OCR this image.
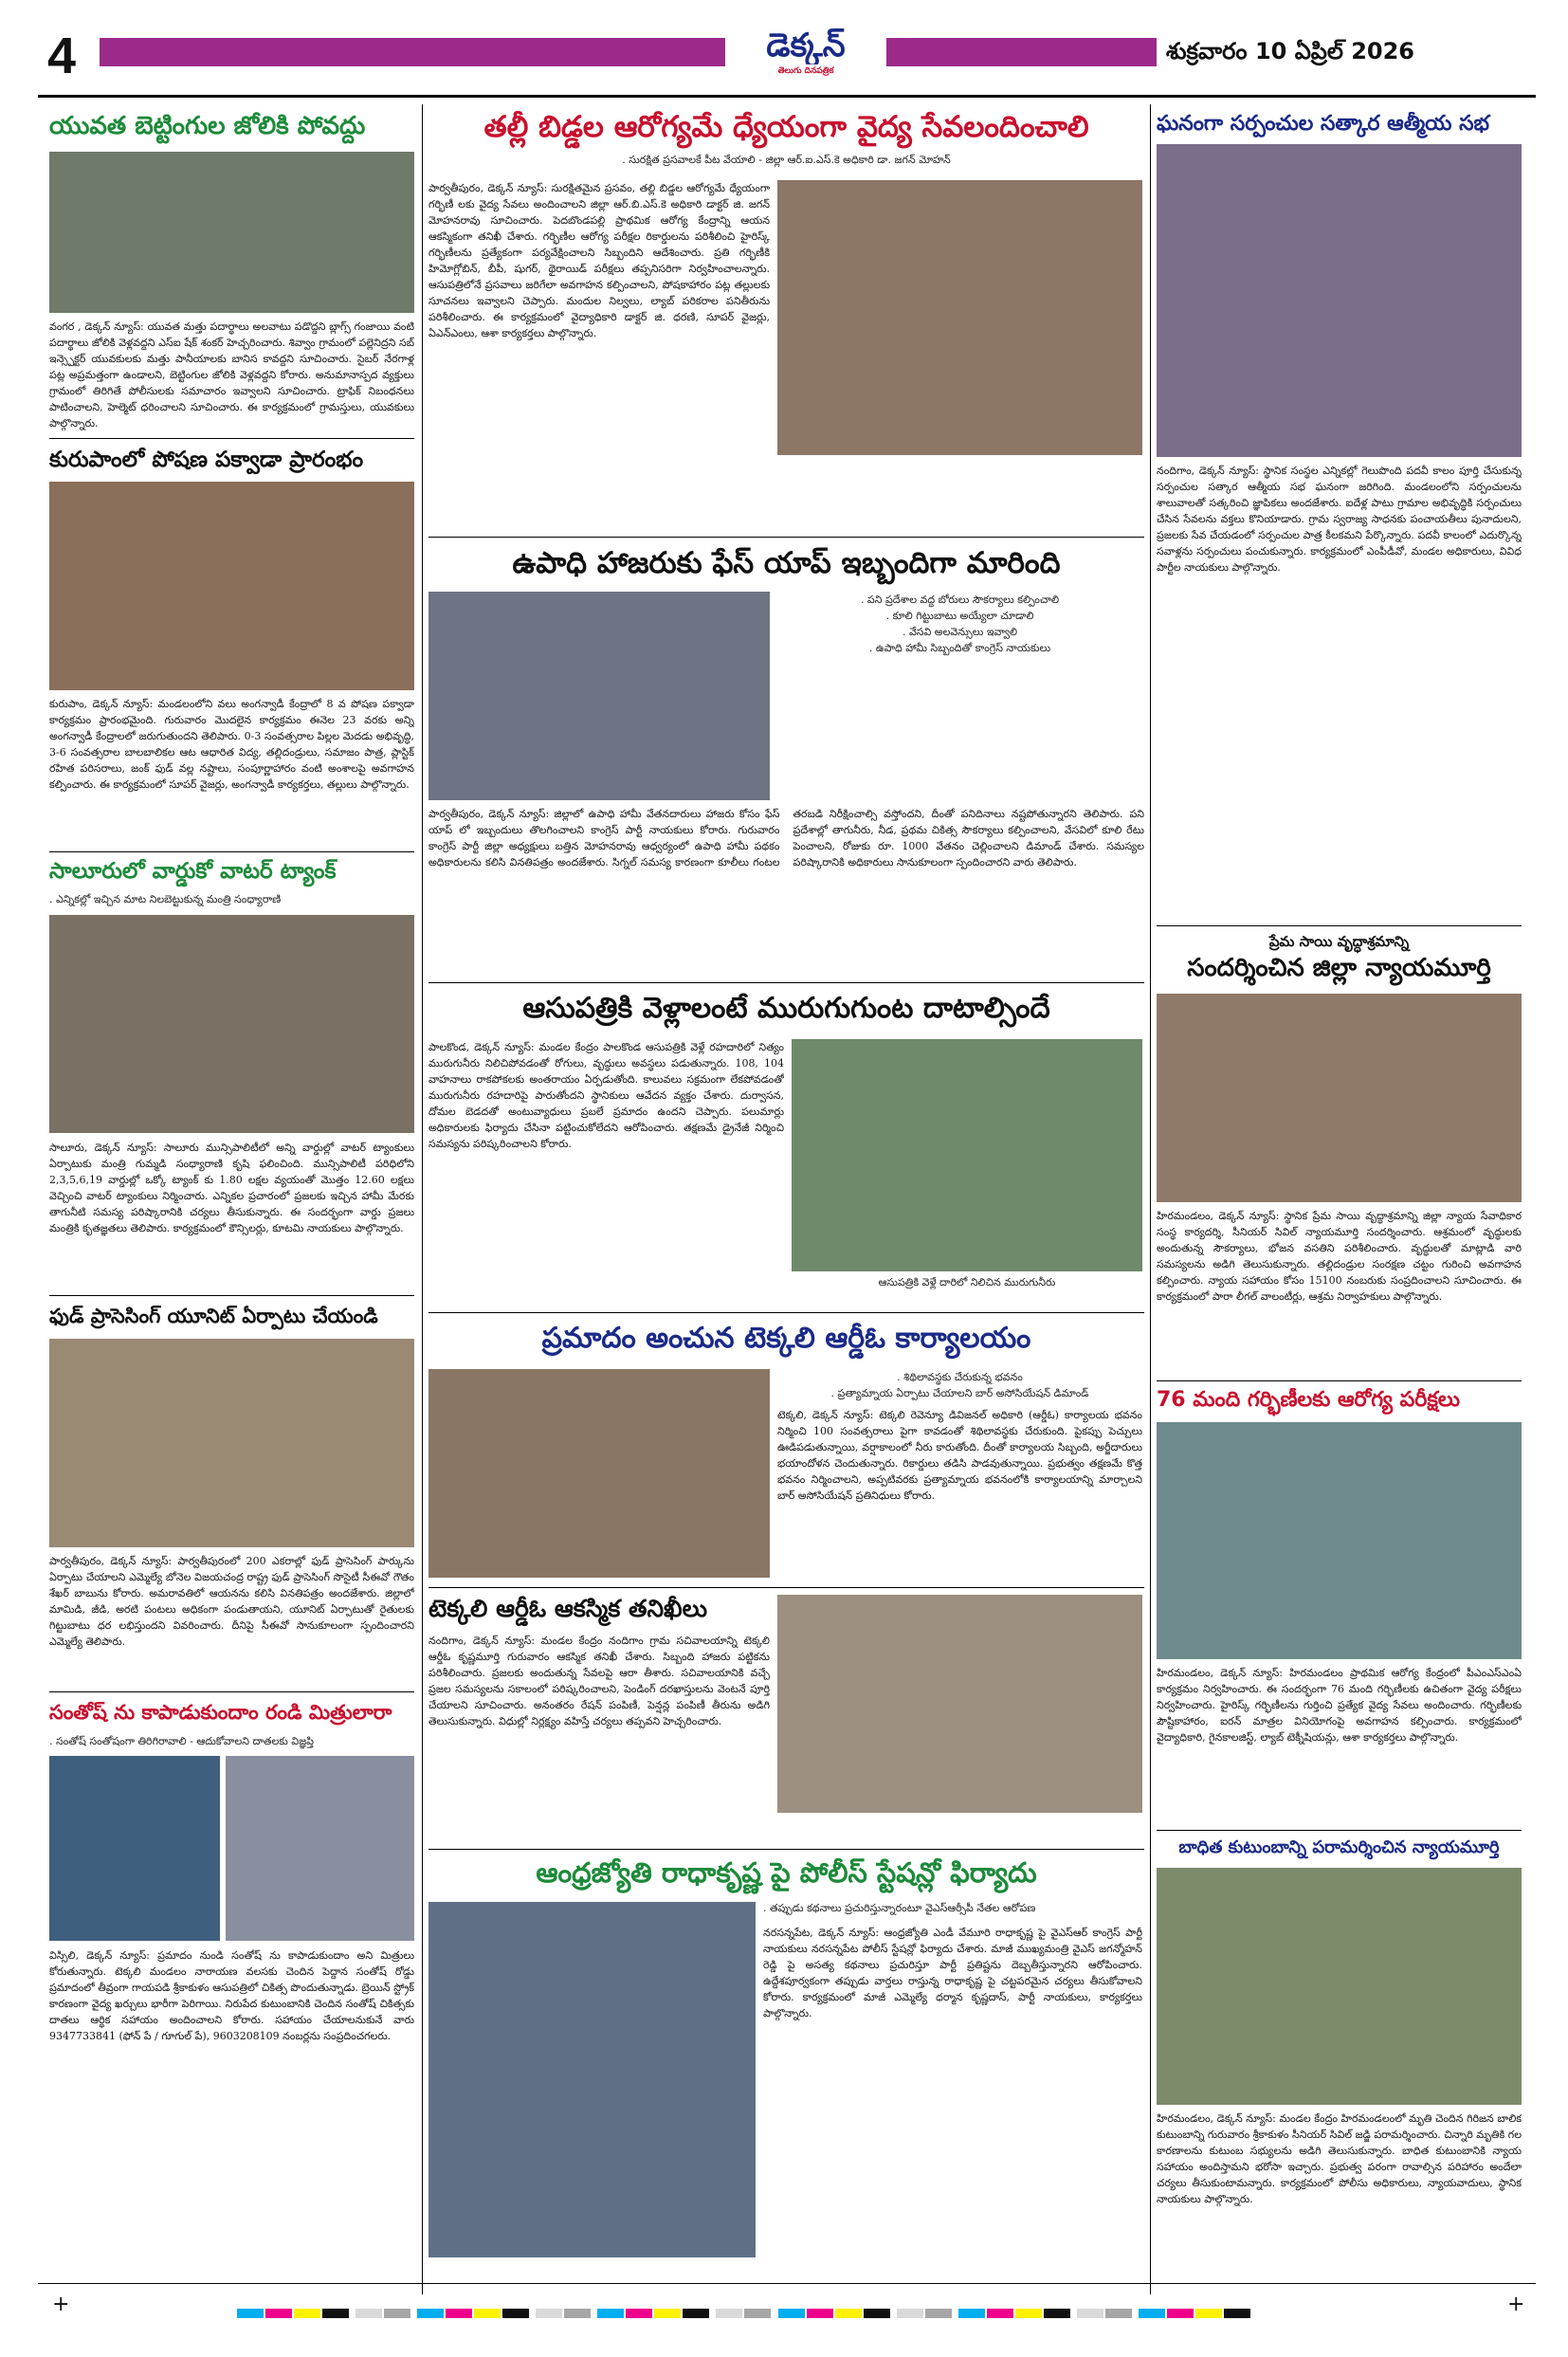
4	డెక్కన్
తెలుగు దినపత్రిక
శుక్రవారం 10 ఏప్రిల్ 2026
యువత బెట్టింగుల జోలికి పోవద్దు
వంగర , డెక్కన్ న్యూస్: యువత మత్తు పదార్థాలు అలవాటు పడొద్దని బ్లాగ్స్ గంజాయి వంటి పదార్థాలు జోలికి వెళ్లవద్దని ఎస్ఐ షేక్ శంకర్ హెచ్చరించారు. శివ్వాం గ్రామంలో పల్లెనిద్రని సబ్ ఇన్స్పెక్టర్ యువకులకు మత్తు పానీయాలకు బానిస కావద్దని సూచించారు. సైబర్ నేరగాళ్ల పట్ల అప్రమత్తంగా ఉండాలని, బెట్టింగుల జోలికి వెళ్లవద్దని కోరారు. అనుమానాస్పద వ్యక్తులు గ్రామంలో తిరిగితే పోలీసులకు సమాచారం ఇవ్వాలని సూచించారు. ట్రాఫిక్ నిబంధనలు పాటించాలని, హెల్మెట్ ధరించాలని సూచించారు. ఈ కార్యక్రమంలో గ్రామస్తులు, యువకులు పాల్గొన్నారు.
కురుపాంలో పోషణ పక్వాడా ప్రారంభం
కురుపాం, డెక్కన్ న్యూస్: మండలంలోని వలు అంగన్వాడీ కేంద్రాలో 8 వ పోషణ పక్వాడా కార్యక్రమం ప్రారంభమైంది. గురువారం మొదలైన కార్యక్రమం ఈనెల 23 వరకు అన్ని అంగన్వాడీ కేంద్రాలలో జరుగుతుందని తెలిపారు. 0-3 సంవత్సరాల పిల్లల మెదడు అభివృద్ధి, 3-6 సంవత్సరాల బాలబాలికల ఆట ఆధారిత విద్య, తల్లిదండ్రులు, సమాజం పాత్ర, ప్లాస్టిక్ రహిత పరిసరాలు, జంక్ ఫుడ్ వల్ల నష్టాలు, సంపూర్ణాహారం వంటి అంశాలపై అవగాహన కల్పించారు. ఈ కార్యక్రమంలో సూపర్ వైజర్లు, అంగన్వాడీ కార్యకర్తలు, తల్లులు పాల్గొన్నారు.
సాలూరులో వార్డుకో వాటర్ ట్యాంక్
. ఎన్నికల్లో ఇచ్చిన మాట నిలబెట్టుకున్న మంత్రి సంధ్యారాణి
సాలూరు, డెక్కన్ న్యూస్: సాలూరు మున్సిపాలిటీలో అన్ని వార్డుల్లో వాటర్ ట్యాంకులు ఏర్పాటుకు మంత్రి గుమ్మడి సంధ్యారాణి కృషి ఫలించింది. మున్సిపాలిటీ పరిధిలోని 2,3,5,6,19 వార్డుల్లో ఒక్కో ట్యాంక్ కు 1.80 లక్షల వ్యయంతో మొత్తం 12.60 లక్షలు వెచ్చించి వాటర్ ట్యాంకులు నిర్మించారు. ఎన్నికల ప్రచారంలో ప్రజలకు ఇచ్చిన హామీ మేరకు తాగునీటి సమస్య పరిష్కారానికి చర్యలు తీసుకున్నారు. ఈ సందర్భంగా వార్డు ప్రజలు మంత్రికి కృతజ్ఞతలు తెలిపారు. కార్యక్రమంలో కౌన్సిలర్లు, కూటమి నాయకులు పాల్గొన్నారు.
ఫుడ్ ప్రాసెసింగ్ యూనిట్ ఏర్పాటు చేయండి
పార్వతీపురం, డెక్కన్ న్యూస్: పార్వతీపురంలో 200 ఎకరాల్లో ఫుడ్ ప్రాసెసింగ్ పార్కును ఏర్పాటు చేయాలని ఎమ్మెల్యే బోనెల విజయచంద్ర రాష్ట్ర ఫుడ్ ప్రాసెసింగ్ సొసైటీ సీఈవో గౌతం శేఖర్ బాబును కోరారు. అమరావతిలో ఆయనను కలిసి వినతిపత్రం అందజేశారు. జిల్లాలో మామిడి, జీడి, అరటి పంటలు అధికంగా పండుతాయని, యూనిట్ ఏర్పాటుతో రైతులకు గిట్టుబాటు ధర లభిస్తుందని వివరించారు. దీనిపై సీఈవో సానుకూలంగా స్పందించారని ఎమ్మెల్యే తెలిపారు.
సంతోష్ ను కాపాడుకుందాం రండి మిత్రులారా
. సంతోష్ సంతోషంగా తిరిగిరావాలి - ఆదుకోవాలని దాతలకు విజ్ఞప్తి
విస్సిలి, డెక్కన్ న్యూస్: ప్రమాదం నుండి సంతోష్ ను కాపాడుకుందాం అని మిత్రులు కోరుతున్నారు. టెక్కలి మండలం నారాయణ వలసకు చెందిన పెద్దాన సంతోష్ రోడ్డు ప్రమాదంలో తీవ్రంగా గాయపడి శ్రీకాకుళం ఆసుపత్రిలో చికిత్స పొందుతున్నాడు. బ్రెయిన్ స్ట్రోక్ కారణంగా వైద్య ఖర్చులు భారీగా పెరిగాయి. నిరుపేద కుటుంబానికి చెందిన సంతోష్ చికిత్సకు దాతలు ఆర్థిక సహాయం అందించాలని కోరారు. సహాయం చేయాలనుకునే వారు 9347733841 (ఫోన్ పే / గూగుల్ పే), 9603208109 నంబర్లను సంప్రదించగలరు.
తల్లీ బిడ్డల ఆరోగ్యమే ధ్యేయంగా వైద్య సేవలందించాలి
. సురక్షిత ప్రసవాలకే పీట వేయాలి - జిల్లా ఆర్.ఐ.ఎస్.కె అధికారి డా. జగన్ మోహన్
పార్వతీపురం, డెక్కన్ న్యూస్: సురక్షితమైన ప్రసవం, తల్లి బిడ్డల ఆరోగ్యమే ధ్యేయంగా గర్భిణీ లకు వైద్య సేవలు అందించాలని జిల్లా ఆర్.బి.ఎస్.కె అధికారి డాక్టర్ జి. జగన్ మోహనరావు సూచించారు. పెదబొండపల్లి ప్రాథమిక ఆరోగ్య కేంద్రాన్ని ఆయన ఆకస్మికంగా తనిఖీ చేశారు. గర్భిణీల ఆరోగ్య పరీక్షల రికార్డులను పరిశీలించి హైరిస్క్ గర్భిణీలను ప్రత్యేకంగా పర్యవేక్షించాలని సిబ్బందిని ఆదేశించారు. ప్రతి గర్భిణీకి హిమోగ్లోబిన్, బీపీ, షుగర్, థైరాయిడ్ పరీక్షలు తప్పనిసరిగా నిర్వహించాలన్నారు. ఆసుపత్రిలోనే ప్రసవాలు జరిగేలా అవగాహన కల్పించాలని, పోషకాహారం పట్ల తల్లులకు సూచనలు ఇవ్వాలని చెప్పారు. మందుల నిల్వలు, ల్యాబ్ పరికరాల పనితీరును పరిశీలించారు. ఈ కార్యక్రమంలో వైద్యాధికారి డాక్టర్ జి. ధరణి, సూపర్ వైజర్లు, ఏఎన్ఎంలు, ఆశా కార్యకర్తలు పాల్గొన్నారు.
ఉపాధి హాజరుకు ఫేస్ యాప్ ఇబ్బందిగా మారింది
. పని ప్రదేశాల వద్ద బోరులు సౌకర్యాలు కల్పించాలి
. కూలి గిట్టుబాటు అయ్యేలా చూడాలి
. వేసవి అలవెన్సులు ఇవ్వాలి
. ఉపాధి హామీ సిబ్బందితో కాంగ్రెస్ నాయకులు
పార్వతీపురం, డెక్కన్ న్యూస్: జిల్లాలో ఉపాధి హామీ వేతనదారులు హాజరు కోసం ఫేస్ యాప్ లో ఇబ్బందులు తొలగించాలని కాంగ్రెస్ పార్టీ నాయకులు కోరారు. గురువారం కాంగ్రెస్ పార్టీ జిల్లా అధ్యక్షులు బత్తిన మోహనరావు ఆధ్వర్యంలో ఉపాధి హామీ పథకం అధికారులను కలిసి వినతిపత్రం అందజేశారు. సిగ్నల్ సమస్య కారణంగా కూలీలు గంటల తరబడి నిరీక్షించాల్సి వస్తోందని, దీంతో పనిదినాలు నష్టపోతున్నారని తెలిపారు. పని ప్రదేశాల్లో తాగునీరు, నీడ, ప్రథమ చికిత్స సౌకర్యాలు కల్పించాలని, వేసవిలో కూలి రేటు పెంచాలని, రోజుకు రూ. 1000 వేతనం చెల్లించాలని డిమాండ్ చేశారు. సమస్యల పరిష్కారానికి అధికారులు సానుకూలంగా స్పందించారని వారు తెలిపారు.
ఆసుపత్రికి వెళ్లాలంటే మురుగుగుంట దాటాల్సిందే
పాలకొండ, డెక్కన్ న్యూస్: మండల కేంద్రం పాలకొండ ఆసుపత్రికి వెళ్లే రహదారిలో నిత్యం మురుగునీరు నిలిచిపోవడంతో రోగులు, వృద్ధులు అవస్థలు పడుతున్నారు. 108, 104 వాహనాలు రాకపోకలకు అంతరాయం ఏర్పడుతోంది. కాలువలు సక్రమంగా లేకపోవడంతో మురుగునీరు రహదారిపై పారుతోందని స్థానికులు ఆవేదన వ్యక్తం చేశారు. దుర్వాసన, దోమల బెడదతో అంటువ్యాధులు ప్రబలే ప్రమాదం ఉందని చెప్పారు. పలుమార్లు అధికారులకు ఫిర్యాదు చేసినా పట్టించుకోలేదని ఆరోపించారు. తక్షణమే డ్రైనేజీ నిర్మించి సమస్యను పరిష్కరించాలని కోరారు.
ఆసుపత్రికి వెళ్లే దారిలో నిలిచిన మురుగునీరు
ప్రమాదం అంచున టెక్కలి ఆర్డీఓ కార్యాలయం
. శిథిలావస్థకు చేరుకున్న భవనం
. ప్రత్యామ్నాయ ఏర్పాటు చేయాలని బార్ అసోసియేషన్ డిమాండ్
టెక్కలి, డెక్కన్ న్యూస్: టెక్కలి రెవెన్యూ డివిజనల్ అధికారి (ఆర్డీఓ) కార్యాలయ భవనం నిర్మించి 100 సంవత్సరాలు పైగా కావడంతో శిథిలావస్థకు చేరుకుంది. పైకప్పు పెచ్చులు ఊడిపడుతున్నాయి, వర్షాకాలంలో నీరు కారుతోంది. దీంతో కార్యాలయ సిబ్బంది, అర్జీదారులు భయాందోళన చెందుతున్నారు. రికార్డులు తడిసి పాడవుతున్నాయి. ప్రభుత్వం తక్షణమే కొత్త భవనం నిర్మించాలని, అప్పటివరకు ప్రత్యామ్నాయ భవనంలోకి కార్యాలయాన్ని మార్చాలని బార్ అసోసియేషన్ ప్రతినిధులు కోరారు.
టెక్కలి ఆర్డీఓ ఆకస్మిక తనిఖీలు
నందిగాం, డెక్కన్ న్యూస్: మండల కేంద్రం నందిగాం గ్రామ సచివాలయాన్ని టెక్కలి ఆర్డీఓ కృష్ణమూర్తి గురువారం ఆకస్మిక తనిఖీ చేశారు. సిబ్బంది హాజరు పట్టికను పరిశీలించారు. ప్రజలకు అందుతున్న సేవలపై ఆరా తీశారు. సచివాలయానికి వచ్చే ప్రజల సమస్యలను సకాలంలో పరిష్కరించాలని, పెండింగ్ దరఖాస్తులను వెంటనే పూర్తి చేయాలని సూచించారు. అనంతరం రేషన్ పంపిణీ, పెన్షన్ల పంపిణీ తీరును అడిగి తెలుసుకున్నారు. విధుల్లో నిర్లక్ష్యం వహిస్తే చర్యలు తప్పవని హెచ్చరించారు.
ఆంధ్రజ్యోతి రాధాకృష్ణ పై పోలీస్ స్టేషన్లో ఫిర్యాదు
. తప్పుడు కథనాలు ప్రచురిస్తున్నారంటూ వైఎస్ఆర్సీపీ నేతల ఆరోపణ
నరసన్నపేట, డెక్కన్ న్యూస్: ఆంధ్రజ్యోతి ఎండీ వేమూరి రాధాకృష్ణ పై వైఎస్ఆర్ కాంగ్రెస్ పార్టీ నాయకులు నరసన్నపేట పోలీస్ స్టేషన్లో ఫిర్యాదు చేశారు. మాజీ ముఖ్యమంత్రి వైఎస్ జగన్మోహన్ రెడ్డి పై అసత్య కథనాలు ప్రచురిస్తూ పార్టీ ప్రతిష్టను దెబ్బతీస్తున్నారని ఆరోపించారు. ఉద్దేశపూర్వకంగా తప్పుడు వార్తలు రాస్తున్న రాధాకృష్ణ పై చట్టపరమైన చర్యలు తీసుకోవాలని కోరారు. కార్యక్రమంలో మాజీ ఎమ్మెల్యే ధర్మాన కృష్ణదాస్, పార్టీ నాయకులు, కార్యకర్తలు పాల్గొన్నారు.
ఘనంగా సర్పంచుల సత్కార ఆత్మీయ సభ
నందిగాం, డెక్కన్ న్యూస్: స్థానిక సంస్థల ఎన్నికల్లో గెలుపొంది పదవీ కాలం పూర్తి చేసుకున్న సర్పంచుల సత్కార ఆత్మీయ సభ ఘనంగా జరిగింది. మండలంలోని సర్పంచులను శాలువాలతో సత్కరించి జ్ఞాపికలు అందజేశారు. ఐదేళ్ల పాటు గ్రామాల అభివృద్ధికి సర్పంచులు చేసిన సేవలను వక్తలు కొనియాడారు. గ్రామ స్వరాజ్య సాధనకు పంచాయతీలు పునాదులని, ప్రజలకు సేవ చేయడంలో సర్పంచుల పాత్ర కీలకమని పేర్కొన్నారు. పదవీ కాలంలో ఎదుర్కొన్న సవాళ్లను సర్పంచులు పంచుకున్నారు. కార్యక్రమంలో ఎంపీడీవో, మండల అధికారులు, వివిధ పార్టీల నాయకులు పాల్గొన్నారు.
ప్రేమ సాయి వృద్ధాశ్రమాన్ని
సందర్శించిన జిల్లా న్యాయమూర్తి
హిరమండలం, డెక్కన్ న్యూస్: స్థానిక ప్రేమ సాయి వృద్ధాశ్రమాన్ని జిల్లా న్యాయ సేవాధికార సంస్థ కార్యదర్శి, సీనియర్ సివిల్ న్యాయమూర్తి సందర్శించారు. ఆశ్రమంలో వృద్ధులకు అందుతున్న సౌకర్యాలు, భోజన వసతిని పరిశీలించారు. వృద్ధులతో మాట్లాడి వారి సమస్యలను అడిగి తెలుసుకున్నారు. తల్లిదండ్రుల సంరక్షణ చట్టం గురించి అవగాహన కల్పించారు. న్యాయ సహాయం కోసం 15100 నంబరుకు సంప్రదించాలని సూచించారు. ఈ కార్యక్రమంలో పారా లీగల్ వాలంటీర్లు, ఆశ్రమ నిర్వాహకులు పాల్గొన్నారు.
76 మంది గర్భిణీలకు ఆరోగ్య పరీక్షలు
హిరమండలం, డెక్కన్ న్యూస్: హిరమండలం ప్రాథమిక ఆరోగ్య కేంద్రంలో పీఎంఎస్ఎంఏ కార్యక్రమం నిర్వహించారు. ఈ సందర్భంగా 76 మంది గర్భిణీలకు ఉచితంగా వైద్య పరీక్షలు నిర్వహించారు. హైరిస్క్ గర్భిణీలను గుర్తించి ప్రత్యేక వైద్య సేవలు అందించారు. గర్భిణీలకు పౌష్టికాహారం, ఐరన్ మాత్రల వినియోగంపై అవగాహన కల్పించారు. కార్యక్రమంలో వైద్యాధికారి, గైనకాలజిస్ట్, ల్యాబ్ టెక్నీషియన్లు, ఆశా కార్యకర్తలు పాల్గొన్నారు.
బాధిత కుటుంబాన్ని పరామర్శించిన న్యాయమూర్తి
హిరమండలం, డెక్కన్ న్యూస్: మండల కేంద్రం హిరమండలంలో మృతి చెందిన గిరిజన బాలిక కుటుంబాన్ని గురువారం శ్రీకాకుళం సీనియర్ సివిల్ జడ్జి పరామర్శించారు. చిన్నారి మృతికి గల కారణాలను కుటుంబ సభ్యులను అడిగి తెలుసుకున్నారు. బాధిత కుటుంబానికి న్యాయ సహాయం అందిస్తామని భరోసా ఇచ్చారు. ప్రభుత్వ పరంగా రావాల్సిన పరిహారం అందేలా చర్యలు తీసుకుంటామన్నారు. కార్యక్రమంలో పోలీసు అధికారులు, న్యాయవాదులు, స్థానిక నాయకులు పాల్గొన్నారు.
+	+
